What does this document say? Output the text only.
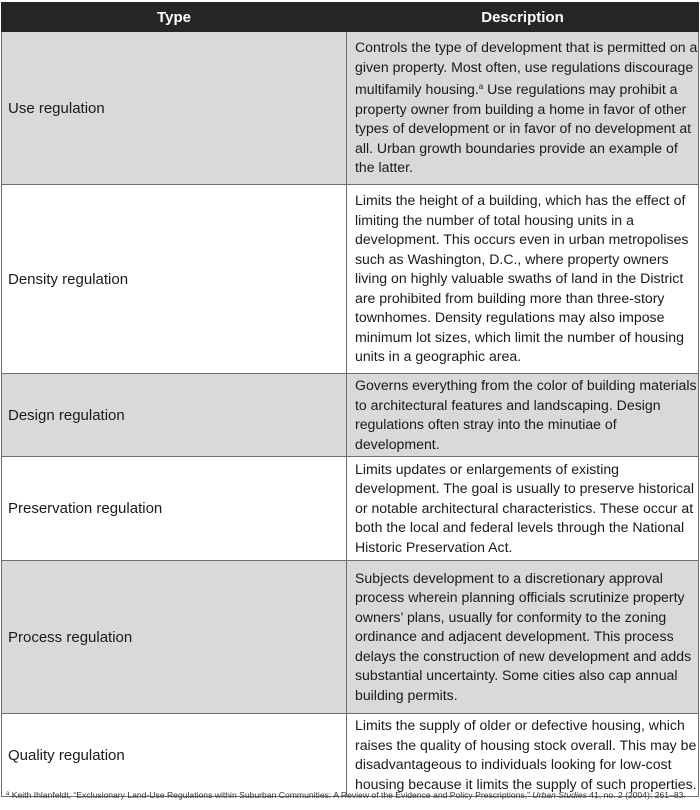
Type	Description
Use regulation	Controls the type of development that is permitted on a given property. Most often, use regulations discourage multifamily housing.$^a$ Use regulations may prohibit a property owner from building a home in favor of other types of development or in favor of no development at all. Urban growth boundaries provide an example of the latter.
Density regulation	Limits the height of a building, which has the effect of limiting the number of total housing units in a development. This occurs even in urban metropolises such as Washington, D.C., where property owners living on highly valuable swaths of land in the District are prohibited from building more than three-story townhomes. Density regulations may also impose minimum lot sizes, which limit the number of housing units in a geographic area.
Design regulation	Governs everything from the color of building materials to architectural features and landscaping. Design regulations often stray into the minutiae of development.
Preservation regulation	Limits updates or enlargements of existing development. The goal is usually to preserve historical or notable architectural characteristics. These occur at both the local and federal levels through the National Historic Preservation Act.
Process regulation	Subjects development to a discretionary approval process wherein planning officials scrutinize property owners’ plans, usually for conformity to the zoning ordinance and adjacent development. This process delays the construction of new development and adds substantial uncertainty. Some cities also cap annual building permits.
Quality regulation	Limits the supply of older or defective housing, which raises the quality of housing stock overall. This may be disadvantageous to individuals looking for low-cost housing because it limits the supply of such properties.
$^a$ Keith Ihlanfeldt, “Exclusionary Land-Use Regulations within Suburban Communities: A Review of the Evidence and Policy Prescriptions,” Urban Studies 41, no. 2 (2004): 261–83.
